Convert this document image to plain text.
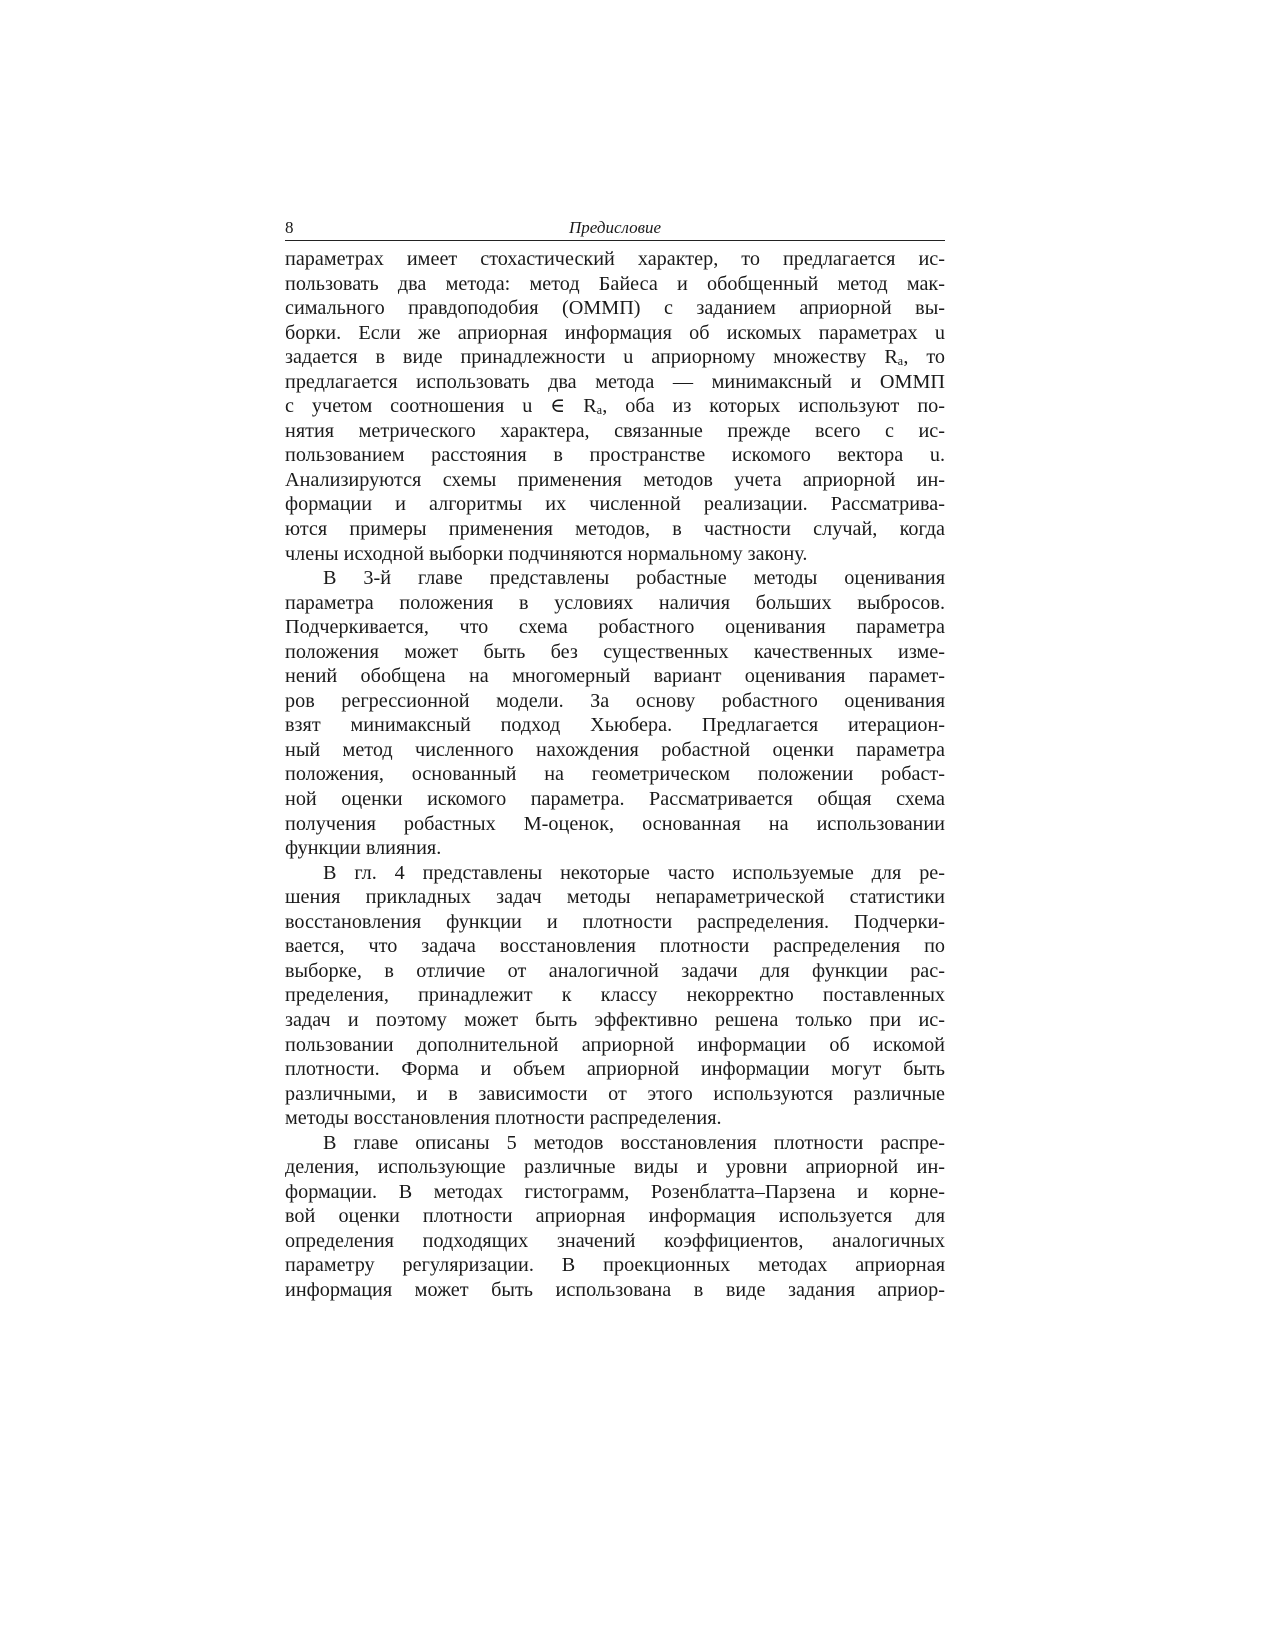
8	Предисловие
параметрах имеет стохастический характер, то предлагается ис-
пользовать два метода: метод Байеса и обобщенный метод мак-
симального правдоподобия (ОММП) с заданием априорной вы-
борки. Если же априорная информация об искомых параметрах u
задается в виде принадлежности u априорному множеству Rₐ, то
предлагается использовать два метода — минимаксный и ОММП
с учетом соотношения u ∈ Rₐ, оба из которых используют по-
нятия метрического характера, связанные прежде всего с ис-
пользованием расстояния в пространстве искомого вектора u.
Анализируются схемы применения методов учета априорной ин-
формации и алгоритмы их численной реализации. Рассматрива-
ются примеры применения методов, в частности случай, когда
члены исходной выборки подчиняются нормальному закону.
В 3-й главе представлены робастные методы оценивания
параметра положения в условиях наличия больших выбросов.
Подчеркивается, что схема робастного оценивания параметра
положения может быть без существенных качественных изме-
нений обобщена на многомерный вариант оценивания парамет-
ров регрессионной модели. За основу робастного оценивания
взят минимаксный подход Хьюбера. Предлагается итерацион-
ный метод численного нахождения робастной оценки параметра
положения, основанный на геометрическом положении робаст-
ной оценки искомого параметра. Рассматривается общая схема
получения робастных M-оценок, основанная на использовании
функции влияния.
В гл. 4 представлены некоторые часто используемые для ре-
шения прикладных задач методы непараметрической статистики
восстановления функции и плотности распределения. Подчерки-
вается, что задача восстановления плотности распределения по
выборке, в отличие от аналогичной задачи для функции рас-
пределения, принадлежит к классу некорректно поставленных
задач и поэтому может быть эффективно решена только при ис-
пользовании дополнительной априорной информации об искомой
плотности. Форма и объем априорной информации могут быть
различными, и в зависимости от этого используются различные
методы восстановления плотности распределения.
В главе описаны 5 методов восстановления плотности распре-
деления, использующие различные виды и уровни априорной ин-
формации. В методах гистограмм, Розенблатта–Парзена и корне-
вой оценки плотности априорная информация используется для
определения подходящих значений коэффициентов, аналогичных
параметру регуляризации. В проекционных методах априорная
информация может быть использована в виде задания априор-
